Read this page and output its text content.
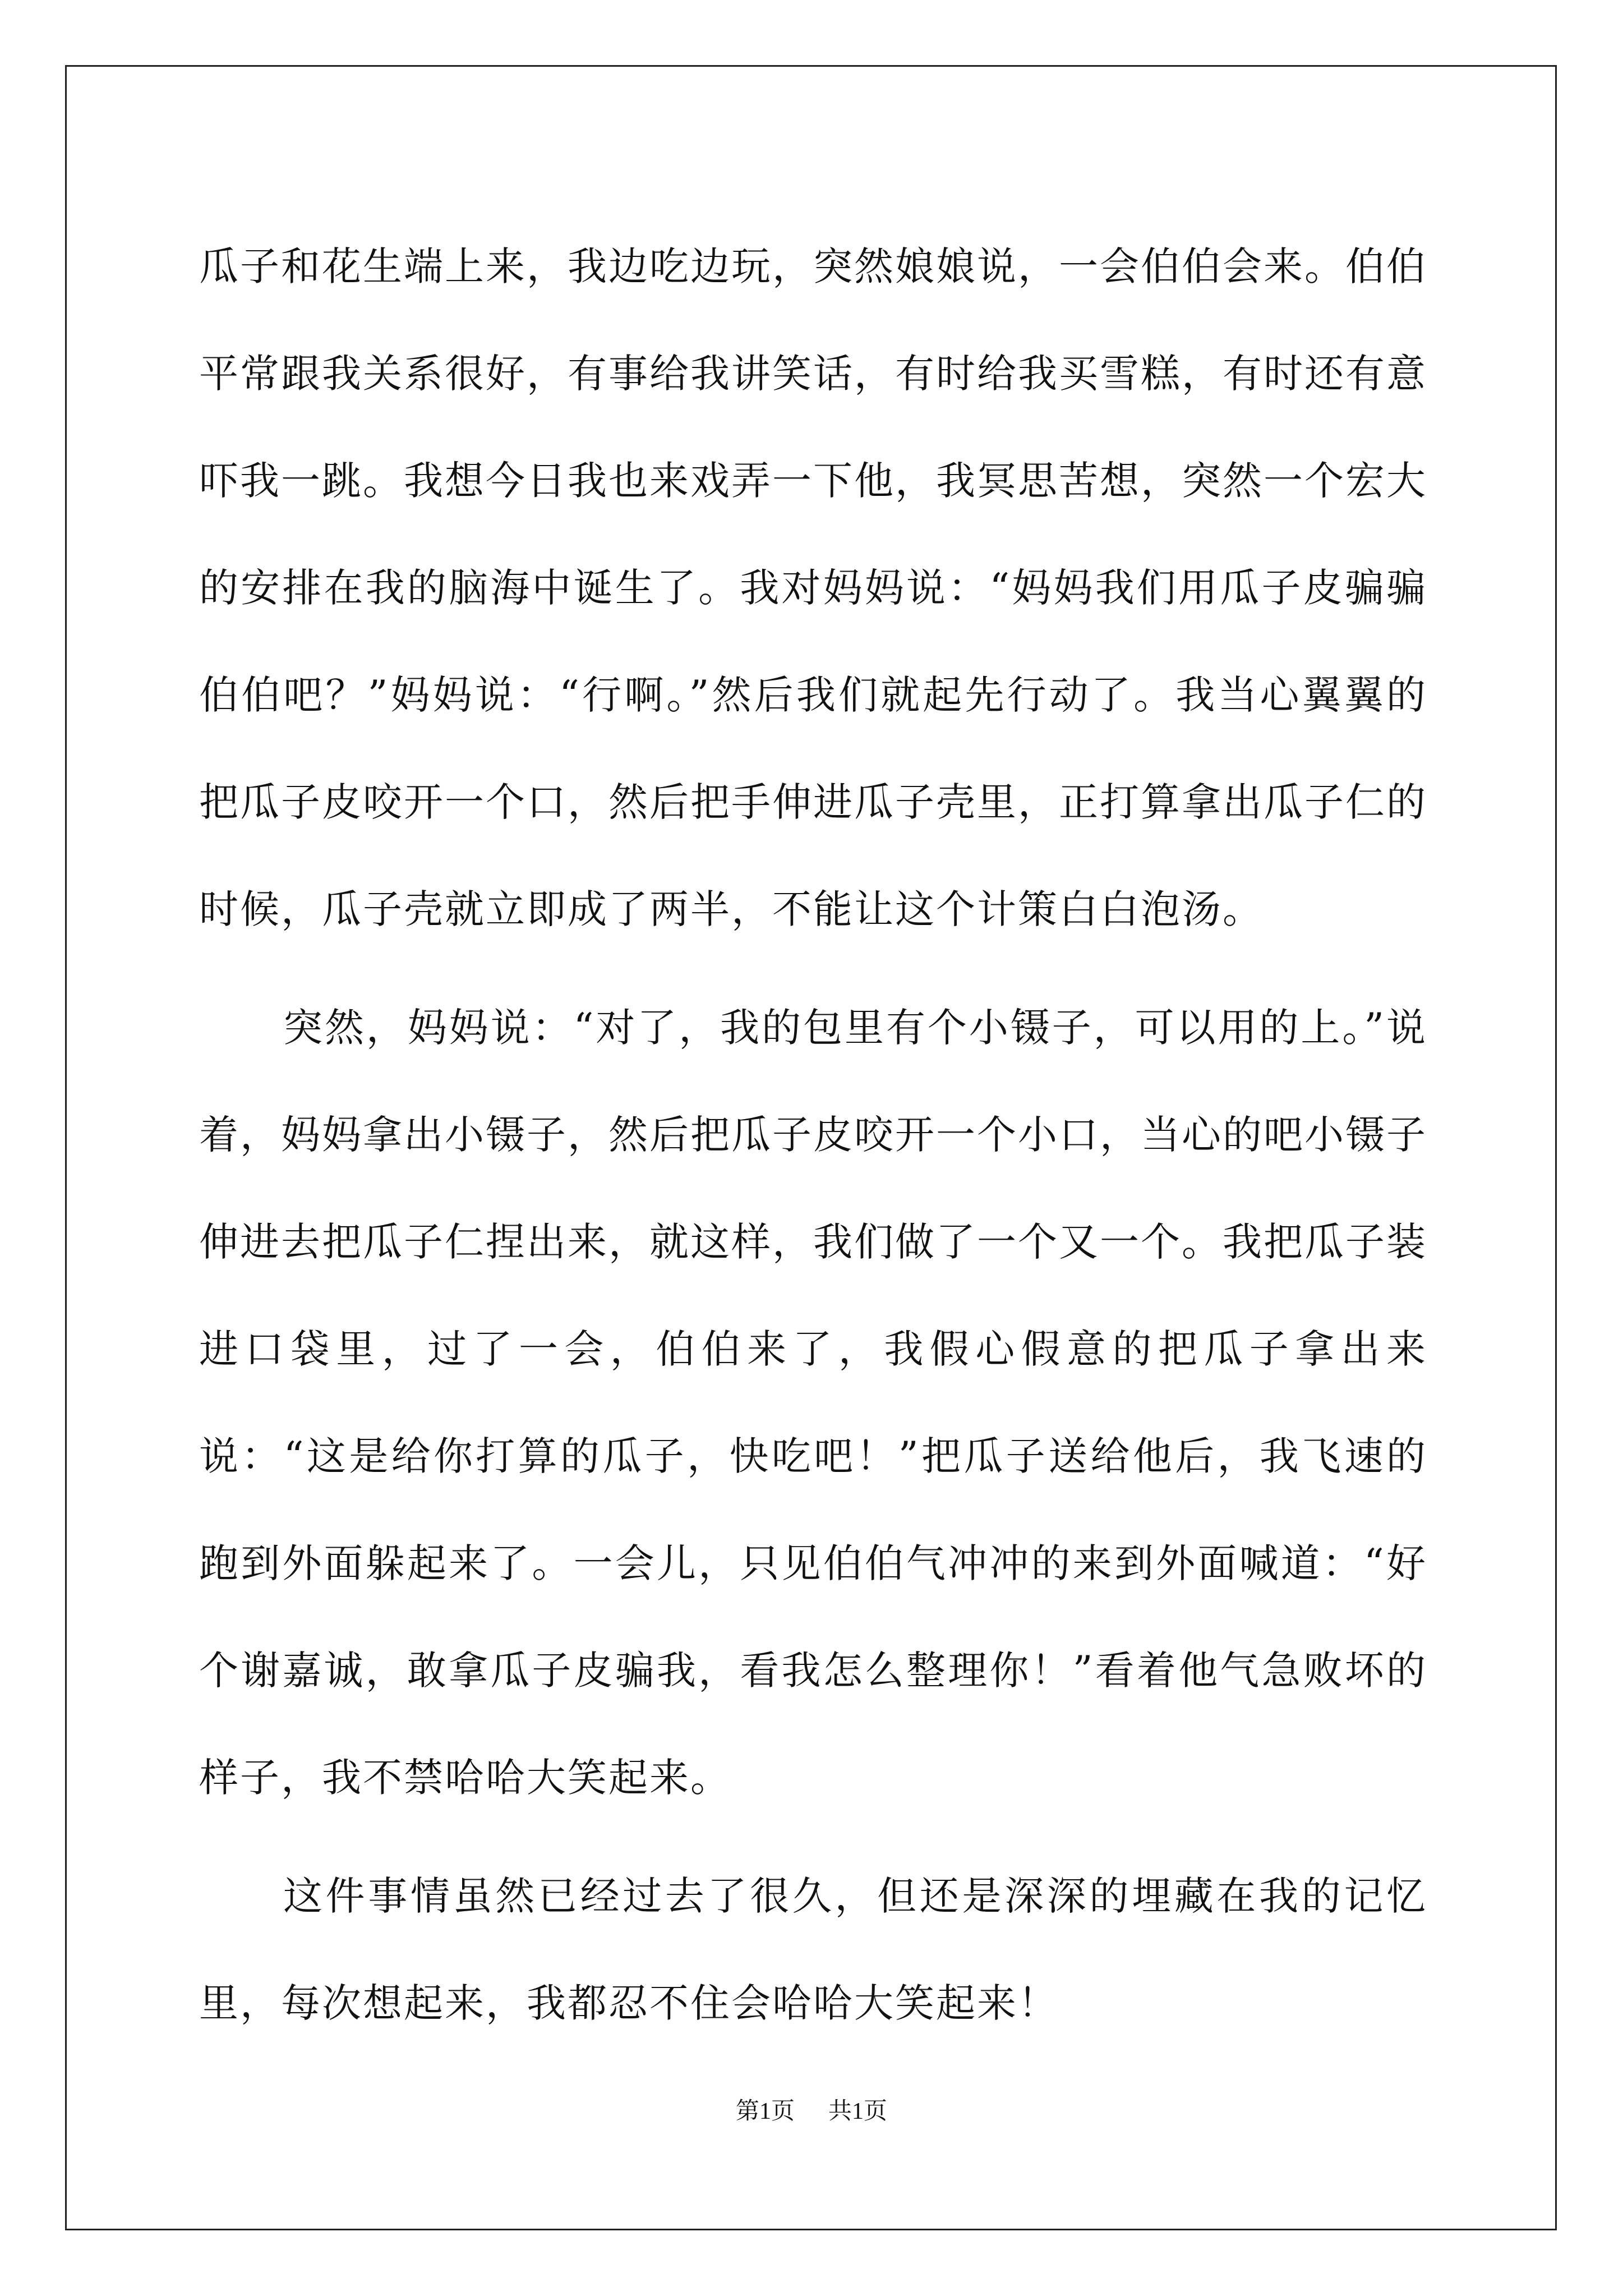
瓜子和花生端上来，我边吃边玩，突然娘娘说，一会伯伯会来。伯伯平常跟我关系很好，有事给我讲笑话，有时给我买雪糕，有时还有意吓我一跳。我想今日我也来戏弄一下他，我冥思苦想，突然一个宏大的安排在我的脑海中诞生了。我对妈妈说：“妈妈我们用瓜子皮骗骗伯伯吧？”妈妈说：“行啊。”然后我们就起先行动了。我当心翼翼的把瓜子皮咬开一个口，然后把手伸进瓜子壳里，正打算拿出瓜子仁的时候，瓜子壳就立即成了两半，不能让这个计策白白泡汤。

突然，妈妈说：“对了，我的包里有个小镊子，可以用的上。”说着，妈妈拿出小镊子，然后把瓜子皮咬开一个小口，当心的吧小镊子伸进去把瓜子仁捏出来，就这样，我们做了一个又一个。我把瓜子装进口袋里，过了一会，伯伯来了，我假心假意的把瓜子拿出来说：“这是给你打算的瓜子，快吃吧！”把瓜子送给他后，我飞速的跑到外面躲起来了。一会儿，只见伯伯气冲冲的来到外面喊道：“好个谢嘉诚，敢拿瓜子皮骗我，看我怎么整理你！”看着他气急败坏的样子，我不禁哈哈大笑起来。

这件事情虽然已经过去了很久，但还是深深的埋藏在我的记忆里，每次想起来，我都忍不住会哈哈大笑起来！

第1页 共1页
